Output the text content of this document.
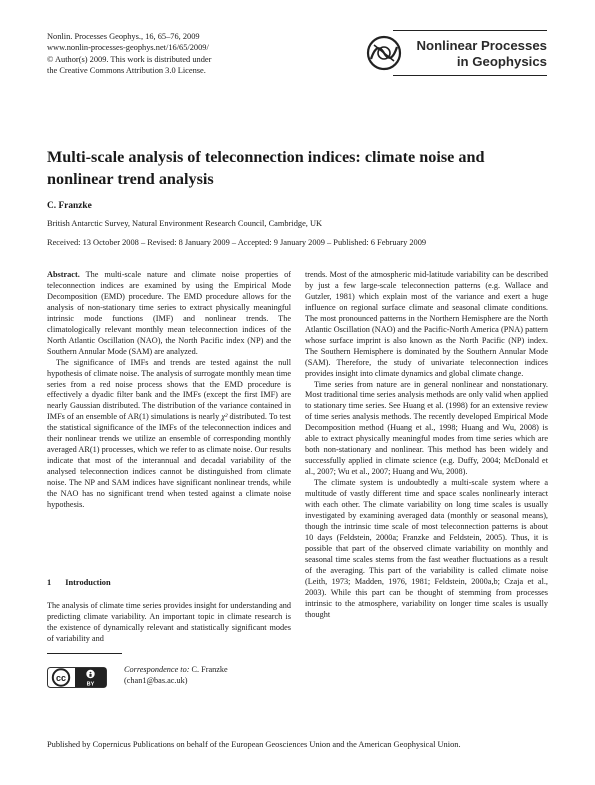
Nonlin. Processes Geophys., 16, 65–76, 2009
www.nonlin-processes-geophys.net/16/65/2009/
© Author(s) 2009. This work is distributed under
the Creative Commons Attribution 3.0 License.
Nonlinear Processes
in Geophysics
Multi-scale analysis of teleconnection indices: climate noise and nonlinear trend analysis
C. Franzke
British Antarctic Survey, Natural Environment Research Council, Cambridge, UK
Received: 13 October 2008 – Revised: 8 January 2009 – Accepted: 9 January 2009 – Published: 6 February 2009

Abstract. The multi-scale nature and climate noise properties of teleconnection indices are examined by using the Empirical Mode Decomposition (EMD) procedure. The EMD procedure allows for the analysis of non-stationary time series to extract physically meaningful intrinsic mode functions (IMF) and nonlinear trends. The climatologically relevant monthly mean teleconnection indices of the North Atlantic Oscillation (NAO), the North Pacific index (NP) and the Southern Annular Mode (SAM) are analyzed.

The significance of IMFs and trends are tested against the null hypothesis of climate noise. The analysis of surrogate monthly mean time series from a red noise process shows that the EMD procedure is effectively a dyadic filter bank and the IMFs (except the first IMF) are nearly Gaussian distributed. The distribution of the variance contained in IMFs of an ensemble of AR(1) simulations is nearly χ² distributed. To test the statistical significance of the IMFs of the teleconnection indices and their nonlinear trends we utilize an ensemble of corresponding monthly averaged AR(1) processes, which we refer to as climate noise. Our results indicate that most of the interannual and decadal variability of the analysed teleconnection indices cannot be distinguished from climate noise. The NP and SAM indices have significant nonlinear trends, while the NAO has no significant trend when tested against a climate noise hypothesis.

1 Introduction

The analysis of climate time series provides insight for understanding and predicting climate variability. An important topic in climate research is the existence of dynamically relevant and statistically significant modes of variability and

cc
BY
Correspondence to: C. Franzke
(chan1@bas.ac.uk)

trends. Most of the atmospheric mid-latitude variability can be described by just a few large-scale teleconnection patterns (e.g. Wallace and Gutzler, 1981) which explain most of the variance and exert a huge influence on regional surface climate and seasonal climate conditions. The most pronounced patterns in the Northern Hemisphere are the North Atlantic Oscillation (NAO) and the Pacific-North America (PNA) pattern whose surface imprint is also known as the North Pacific (NP) index. The Southern Hemisphere is dominated by the Southern Annular Mode (SAM). Therefore, the study of univariate teleconnection indices provides insight into climate dynamics and global climate change.

Time series from nature are in general nonlinear and nonstationary. Most traditional time series analysis methods are only valid when applied to stationary time series. See Huang et al. (1998) for an extensive review of time series analysis methods. The recently developed Empirical Mode Decomposition method (Huang et al., 1998; Huang and Wu, 2008) is able to extract physically meaningful modes from time series which are both non-stationary and nonlinear. This method has been widely and successfully applied in climate science (e.g. Duffy, 2004; McDonald et al., 2007; Wu et al., 2007; Huang and Wu, 2008).

The climate system is undoubtedly a multi-scale system where a multitude of vastly different time and space scales nonlinearly interact with each other. The climate variability on long time scales is usually investigated by examining averaged data (monthly or seasonal means), though the intrinsic time scale of most teleconnection patterns is about 10 days (Feldstein, 2000a; Franzke and Feldstein, 2005). Thus, it is possible that part of the observed climate variability on monthly and seasonal time scales stems from the fast weather fluctuations as a result of the averaging. This part of the variability is called climate noise (Leith, 1973; Madden, 1976, 1981; Feldstein, 2000a,b; Czaja et al., 2003). While this part can be thought of stemming from processes intrinsic to the atmosphere, variability on longer time scales is usually thought

Published by Copernicus Publications on behalf of the European Geosciences Union and the American Geophysical Union.
